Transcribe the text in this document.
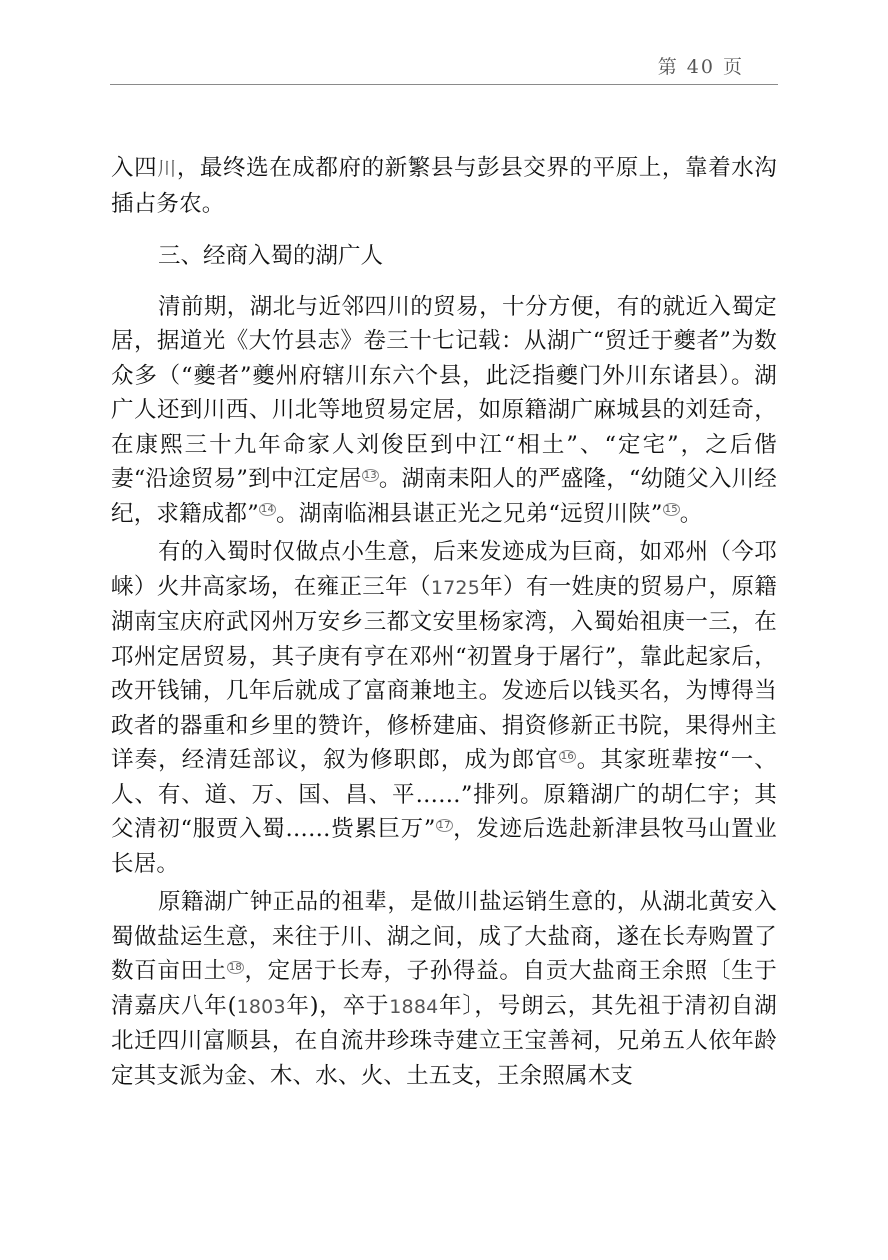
第 40 页

入四川，最终选在成都府的新繁县与彭县交界的平原上，靠着水沟插占务农。

三、经商入蜀的湖广人

清前期，湖北与近邻四川的贸易，十分方便，有的就近入蜀定居，据道光《大竹县志》卷三十七记载：从湖广“贸迁于夔者”为数众多（“夔者”夔州府辖川东六个县，此泛指夔门外川东诸县）。湖广人还到川西、川北等地贸易定居，如原籍湖广麻城县的刘廷奇，在康熙三十九年命家人刘俊臣到中江“相土”、“定宅”，之后偕妻“沿途贸易”到中江定居 $^{13}$。湖南耒阳人的严盛隆，“幼随父入川经纪，求籍成都” $^{14}$。湖南临湘县谌正光之兄弟“远贸川陕” $^{15}$。

有的入蜀时仅做点小生意，后来发迹成为巨商，如邓州（今邛崃）火井高家场，在雍正三年（1725年）有一姓庚的贸易户，原籍湖南宝庆府武冈州万安乡三都文安里杨家湾，入蜀始祖庚一三，在邛州定居贸易，其子庚有亨在邓州“初置身于屠行”，靠此起家后，改开钱铺，几年后就成了富商兼地主。发迹后以钱买名，为博得当政者的器重和乡里的赞许，修桥建庙、捐资修新正书院，果得州主详奏，经清廷部议，叙为修职郎，成为郎官 $^{16}$。其家班辈按“一、人、有、道、万、国、昌、平……”排列。原籍湖广的胡仁宇；其父清初“服贾入蜀……赀累巨万” $^{17}$，发迹后选赴新津县牧马山置业长居。

原籍湖广钟正品的祖辈，是做川盐运销生意的，从湖北黄安入蜀做盐运生意，来往于川、湖之间，成了大盐商，遂在长寿购置了数百亩田土 $^{18}$，定居于长寿，子孙得益。自贡大盐商王余照〔生于清嘉庆八年(1803年)，卒于1884年〕，号朗云，其先祖于清初自湖北迁四川富顺县，在自流井珍珠寺建立王宝善祠，兄弟五人依年龄定其支派为金、木、水、火、土五支，王余照属木支
